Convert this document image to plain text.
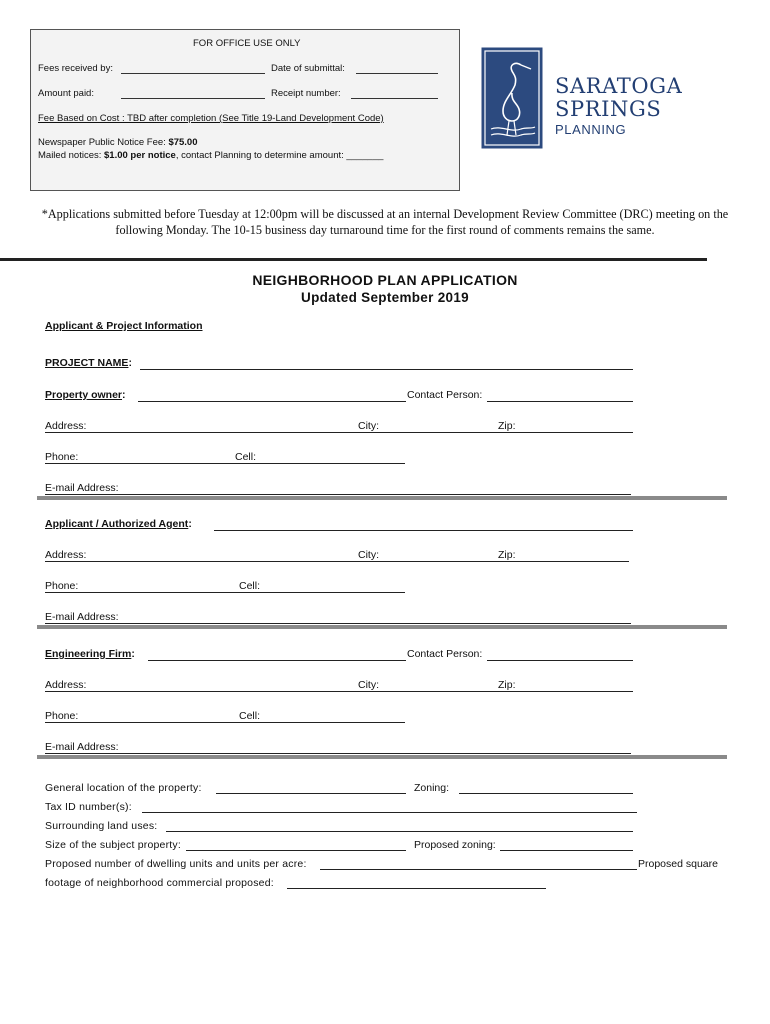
FOR OFFICE USE ONLY
Fees received by:	Date of submittal:
Amount paid:	Receipt number:
Fee Based on Cost : TBD after completion (See Title 19-Land Development Code)
Newspaper Public Notice Fee: $75.00
Mailed notices: $1.00 per notice, contact Planning to determine amount: _______
SARATOGA
SPRINGS
PLANNING
*Applications submitted before Tuesday at 12:00pm will be discussed at an internal Development Review Committee (DRC) meeting on the following Monday. The 10-15 business day turnaround time for the first round of comments remains the same.
NEIGHBORHOOD PLAN APPLICATION
Updated September 2019
Applicant & Project Information
PROJECT NAME:
Property owner:	Contact Person:
Address:	City:	Zip:
Phone:	Cell:
E-mail Address:
Applicant / Authorized Agent:
Address:	City:	Zip:
Phone:	Cell:
E-mail Address:
Engineering Firm:	Contact Person:
Address:	City:	Zip:
Phone:	Cell:
E-mail Address:
General location of the property:	Zoning:
Tax ID number(s):
Surrounding land uses:
Size of the subject property:	Proposed zoning:
Proposed number of dwelling units and units per acre:	Proposed square
footage of neighborhood commercial proposed:
